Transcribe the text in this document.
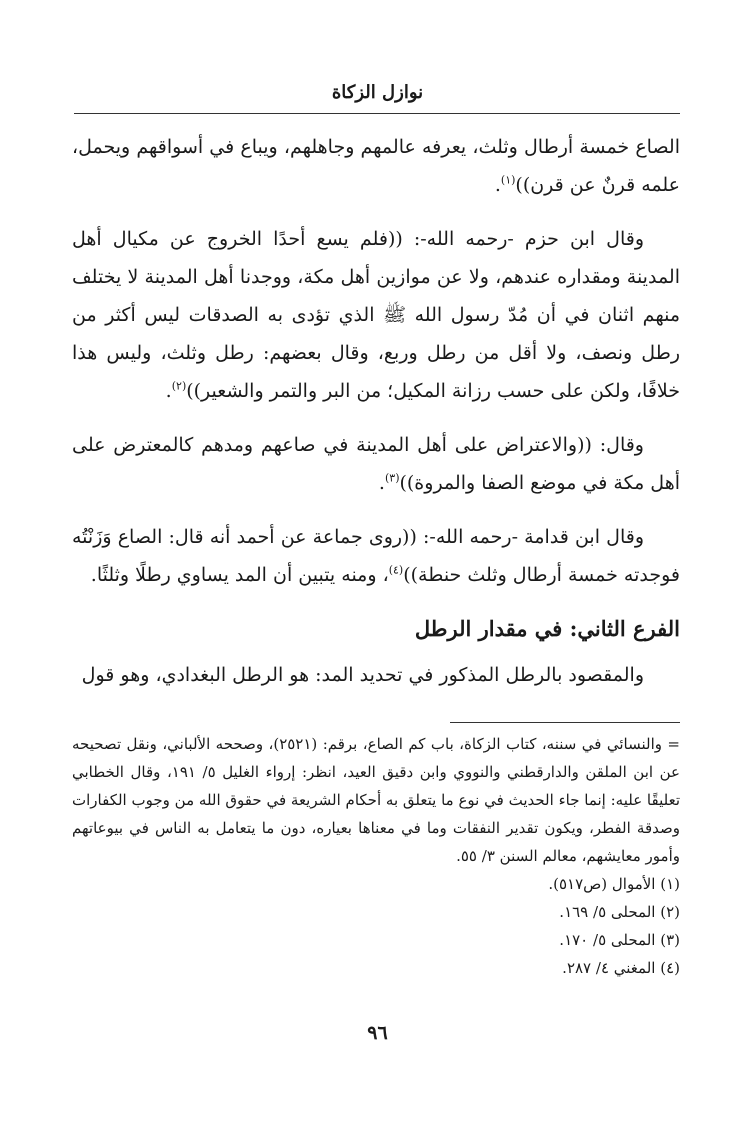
نوازل الزكاة

الصاع خمسة أرطال وثلث، يعرفه عالمهم وجاهلهم، ويباع في أسواقهم ويحمل، علمه قرنٌ عن قرن))$^{(١)}$.

وقال ابن حزم -رحمه الله-: ((فلم يسع أحدًا الخروج عن مكيال أهل المدينة ومقداره عندهم، ولا عن موازين أهل مكة، ووجدنا أهل المدينة لا يختلف منهم اثنان في أن مُدّ رسول الله ﷺ الذي تؤدى به الصدقات ليس أكثر من رطل ونصف، ولا أقل من رطل وربع، وقال بعضهم: رطل وثلث، وليس هذا خلافًا، ولكن على حسب رزانة المكيل؛ من البر والتمر والشعير))$^{(٢)}$.

وقال: ((والاعتراض على أهل المدينة في صاعهم ومدهم كالمعترض على أهل مكة في موضع الصفا والمروة))$^{(٣)}$.

وقال ابن قدامة -رحمه الله-: ((روى جماعة عن أحمد أنه قال: الصاع وَزَنْتُه فوجدته خمسة أرطال وثلث حنطة))$^{(٤)}$، ومنه يتبين أن المد يساوي رطلًا وثلثًا.

الفرع الثاني: في مقدار الرطل

والمقصود بالرطل المذكور في تحديد المد: هو الرطل البغدادي، وهو قول

= والنسائي في سننه، كتاب الزكاة، باب كم الصاع، برقم: (٢٥٢١)، وصححه الألباني، ونقل تصحيحه عن ابن الملقن والدارقطني والنووي وابن دقيق العيد، انظر: إرواء الغليل ٥/ ١٩١، وقال الخطابي تعليقًا عليه: إنما جاء الحديث في نوع ما يتعلق به أحكام الشريعة في حقوق الله من وجوب الكفارات وصدقة الفطر، ويكون تقدير النفقات وما في معناها بعياره، دون ما يتعامل به الناس في بيوعاتهم وأمور معايشهم، معالم السنن ٣/ ٥٥.

(١) الأموال (ص٥١٧).
(٢) المحلى ٥/ ١٦٩.
(٣) المحلى ٥/ ١٧٠.
(٤) المغني ٤/ ٢٨٧.
٩٦
